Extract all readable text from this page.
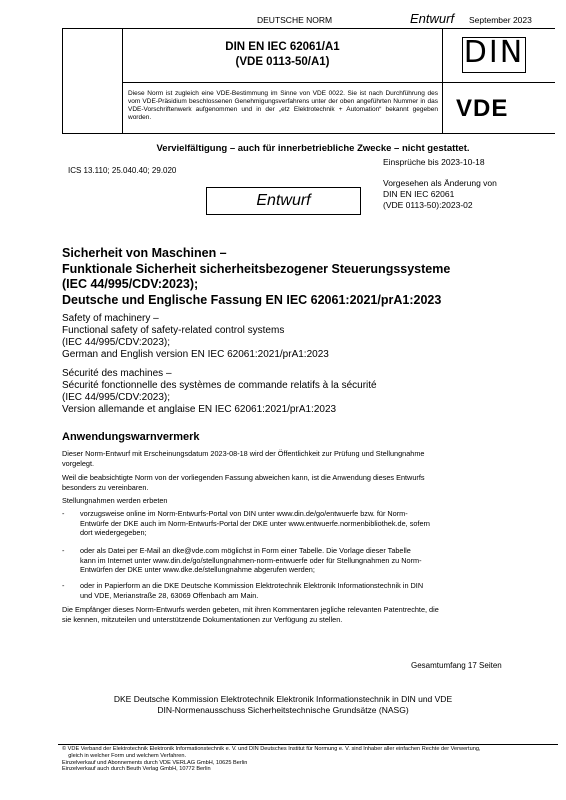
DEUTSCHE NORM	Entwurf September 2023
DIN EN IEC 62061/A1
(VDE 0113-50/A1)	DIN
Diese Norm ist zugleich eine VDE-Bestimmung im Sinne von VDE 0022. Sie ist nach Durchführung des vom VDE-Präsidium beschlossenen Genehmigungsverfahrens unter der oben angeführten Nummer in das VDE-Vorschriftenwerk aufgenommen und in der „etz Elektrotechnik + Automation“ bekannt gegeben worden.	VDE
Vervielfältigung – auch für innerbetriebliche Zwecke – nicht gestattet.
ICS 13.110; 25.040.40; 29.020
Einsprüche bis 2023-10-18
Vorgesehen als Änderung von
DIN EN IEC 62061
(VDE 0113-50):2023-02
Entwurf
Sicherheit von Maschinen –
Funktionale Sicherheit sicherheitsbezogener Steuerungssysteme
(IEC 44/995/CDV:2023);
Deutsche und Englische Fassung EN IEC 62061:2021/prA1:2023
Safety of machinery –
Functional safety of safety-related control systems
(IEC 44/995/CDV:2023);
German and English version EN IEC 62061:2021/prA1:2023
Sécurité des machines –
Sécurité fonctionnelle des systèmes de commande relatifs à la sécurité
(IEC 44/995/CDV:2023);
Version allemande et anglaise EN IEC 62061:2021/prA1:2023
Anwendungswarnvermerk
Dieser Norm-Entwurf mit Erscheinungsdatum 2023-08-18 wird der Öffentlichkeit zur Prüfung und Stellungnahme
vorgelegt.
Weil die beabsichtigte Norm von der vorliegenden Fassung abweichen kann, ist die Anwendung dieses Entwurfs
besonders zu vereinbaren.
Stellungnahmen werden erbeten
- vorzugsweise online im Norm-Entwurfs-Portal von DIN unter www.din.de/go/entwuerfe bzw. für Norm-
Entwürfe der DKE auch im Norm-Entwurfs-Portal der DKE unter www.entwuerfe.normenbibliothek.de, sofern
dort wiedergegeben;
- oder als Datei per E-Mail an dke@vde.com möglichst in Form einer Tabelle. Die Vorlage dieser Tabelle
kann im Internet unter www.din.de/go/stellungnahmen-norm-entwuerfe oder für Stellungnahmen zu Norm-
Entwürfen der DKE unter www.dke.de/stellungnahme abgerufen werden;
- oder in Papierform an die DKE Deutsche Kommission Elektrotechnik Elektronik Informationstechnik in DIN
und VDE, Merianstraße 28, 63069 Offenbach am Main.
Die Empfänger dieses Norm-Entwurfs werden gebeten, mit ihren Kommentaren jegliche relevanten Patentrechte, die
sie kennen, mitzuteilen und unterstützende Dokumentationen zur Verfügung zu stellen.
Gesamtumfang 17 Seiten
DKE Deutsche Kommission Elektrotechnik Elektronik Informationstechnik in DIN und VDE
DIN-Normenausschuss Sicherheitstechnische Grundsätze (NASG)
© VDE Verband der Elektrotechnik Elektronik Informationstechnik e. V. und DIN Deutsches Institut für Normung e. V. sind Inhaber aller einfachen Rechte der Verwertung,
gleich in welcher Form und welchem Verfahren.
Einzelverkauf und Abonnements durch VDE VERLAG GmbH, 10625 Berlin
Einzelverkauf auch durch Beuth Verlag GmbH, 10772 Berlin
